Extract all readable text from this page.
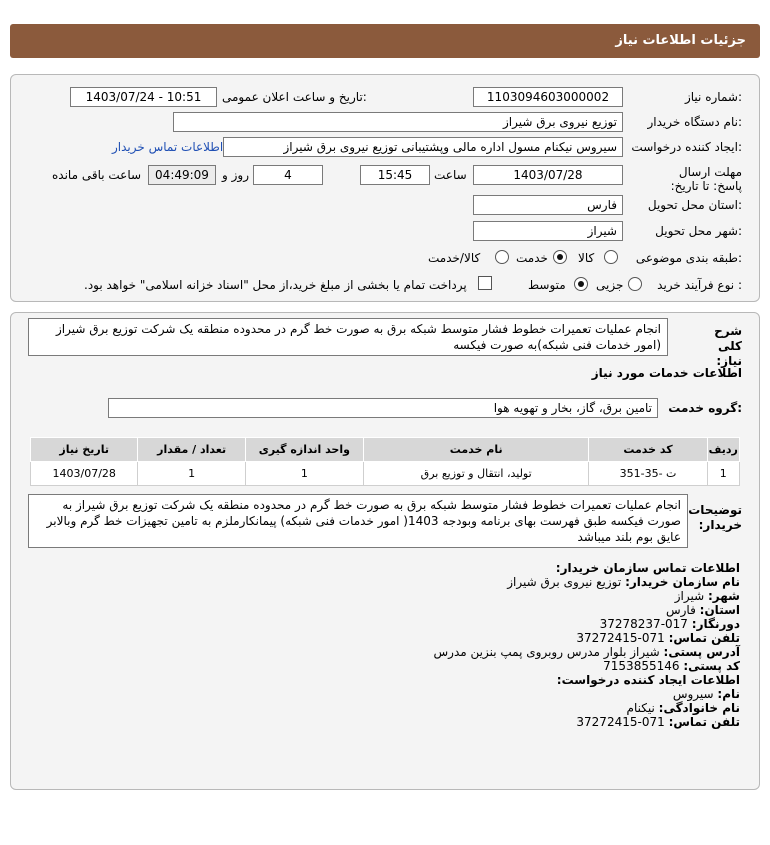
جزئیات اطلاعات نیاز
شماره نیاز:
1103094603000002
تاریخ و ساعت اعلان عمومی:
1403/07/24 - 10:51
نام دستگاه خریدار:
توزیع نیروی برق شیراز
ایجاد کننده درخواست:
سیروس نیکنام مسول اداره مالی وپشتیبانی توزیع نیروی برق شیراز
اطلاعات تماس خریدار
مهلت ارسال پاسخ: تا تاریخ:
1403/07/28
ساعت
15:45
4
روز و
04:49:09
ساعت باقی مانده
استان محل تحویل:
فارس
شهر محل تحویل:
شیراز
طبقه بندی موضوعی:
کالا
خدمت
کالا/خدمت
نوع فرآیند خرید :
جزیی
متوسط
پرداخت تمام یا بخشی از مبلغ خرید،از محل "اسناد خزانه اسلامی" خواهد بود.
شرح کلی نیاز:
انجام عملیات تعمیرات خطوط فشار متوسط شبکه برق به صورت خط گرم در محدوده منطقه یک شرکت توزیع برق شیراز (امور خدمات فنی شبکه)به صورت فیکسه
اطلاعات خدمات مورد نیاز
گروه خدمت:
تامین برق، گاز، بخار و تهویه هوا
ردیف	کد خدمت	نام خدمت	واحد اندازه گیری	تعداد / مقدار	تاریخ نیاز
1	ت -35-351	تولید، انتقال و توزیع برق	1	1	1403/07/28
توضیحات خریدار:
انجام عملیات تعمیرات خطوط فشار متوسط شبکه برق به صورت خط گرم در محدوده منطقه یک شرکت توزیع برق شیراز به صورت فیکسه طبق فهرست بهای برنامه وبودجه 1403( امور خدمات فنی شبکه) پیمانکارملزم به تامین تجهیزات خط گرم وبالابر عایق بوم بلند میباشد
اطلاعات تماس سازمان خریدار:
نام سازمان خریدار: توزیع نیروی برق شیراز
شهر: شیراز
استان: فارس
دورنگار: 017-37278237
تلفن تماس: 071-37272415
آدرس پستی: شیراز بلوار مدرس روبروی پمپ بنزین مدرس
کد پستی: 7153855146
اطلاعات ایجاد کننده درخواست:
نام: سیروس
نام خانوادگی: نیکنام
تلفن تماس: 071-37272415
